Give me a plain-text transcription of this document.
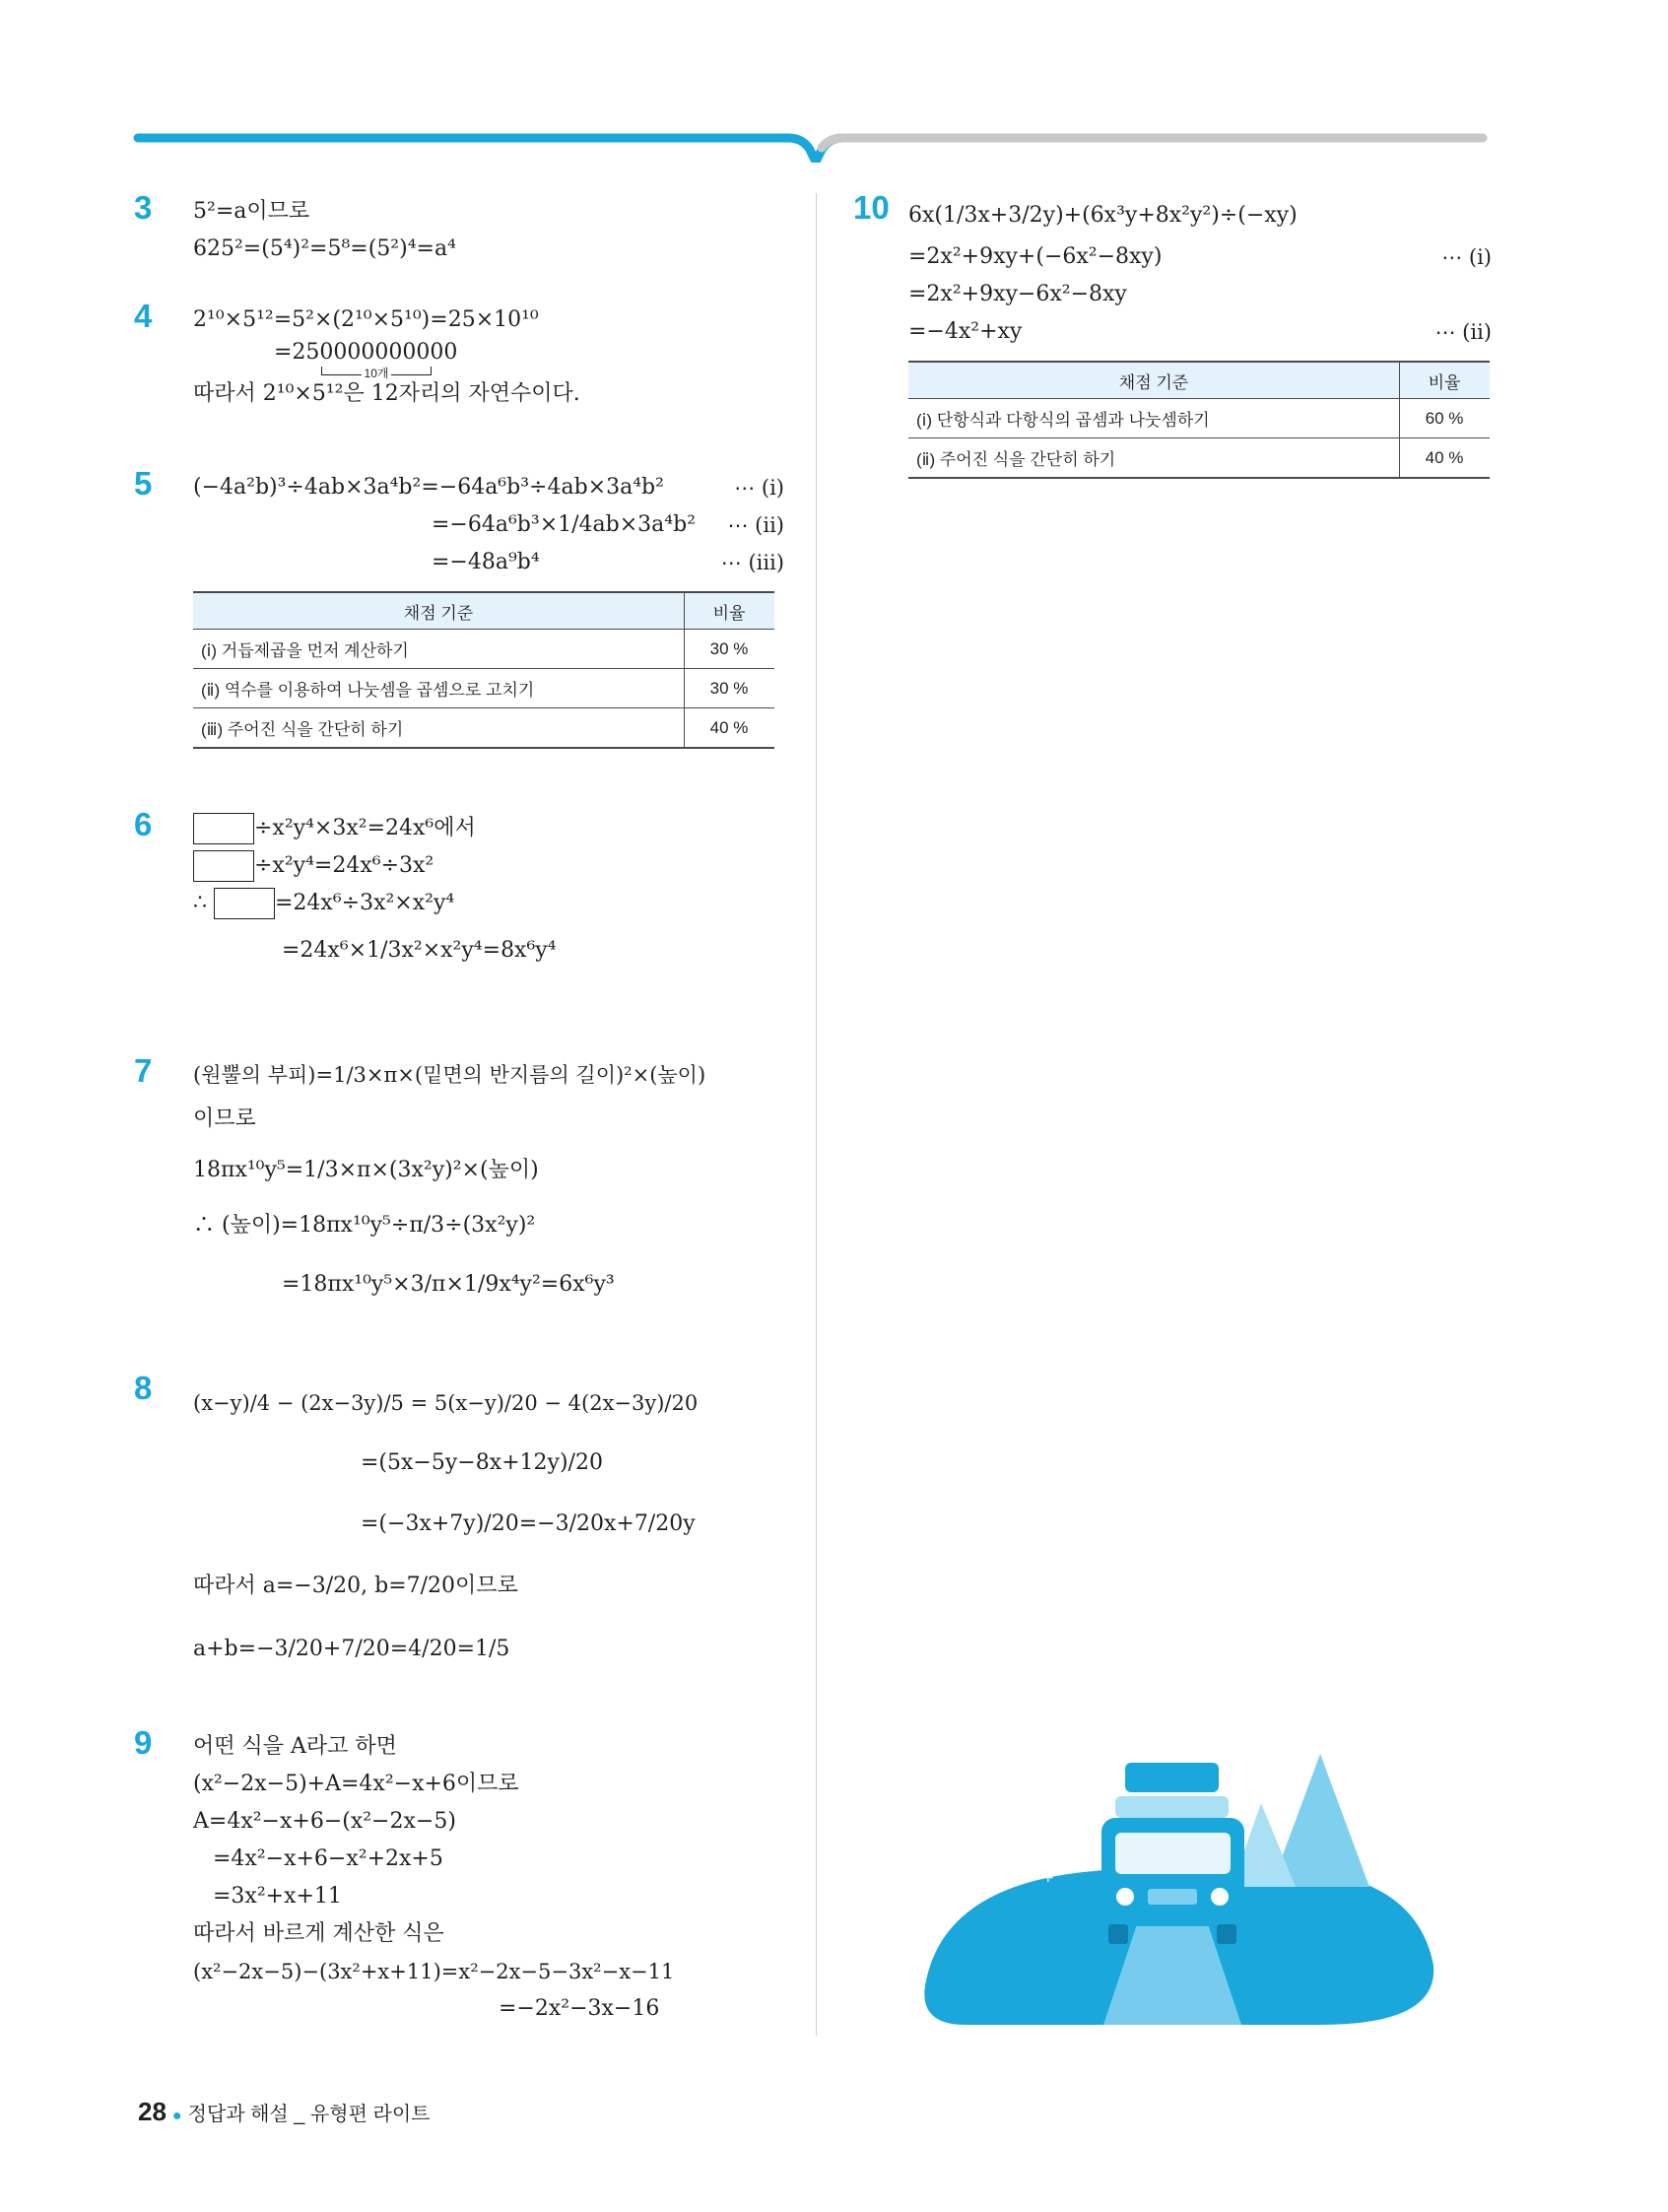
3 5²=a이므로
625²=(5⁴)²=5⁸=(5²)⁴=a⁴
4 2¹⁰×5¹²=5²×(2¹⁰×5¹⁰)=25×10¹⁰
=250000000000
10개
따라서 2¹⁰×5¹²은 12자리의 자연수이다.
5 (−4a²b)³÷4ab×3a⁴b²=−64a⁶b³÷4ab×3a⁴b²	⋯ (ⅰ)
=−64a⁶b³×1/4ab×3a⁴b² ⋯ (ⅱ)
=−48a⁹b⁴	⋯ (ⅲ)
채점 기준	비율
(ⅰ) 거듭제곱을 먼저 계산하기	30 %
(ⅱ) 역수를 이용하여 나눗셈을 곱셈으로 고치기	30 %
(ⅲ) 주어진 식을 간단히 하기	40 %
6	÷x²y⁴×3x²=24x⁶에서
÷x²y⁴=24x⁶÷3x²
∴	=24x⁶÷3x²×x²y⁴
=24x⁶×1/3x²×x²y⁴=8x⁶y⁴
7 (원뿔의 부피)=1/3×π×(밑면의 반지름의 길이)²×(높이)
이므로
18πx¹⁰y⁵=1/3×π×(3x²y)²×(높이)
∴ (높이)=18πx¹⁰y⁵÷π/3÷(3x²y)²
=18πx¹⁰y⁵×3/π×1/9x⁴y²=6x⁶y³
8 (x−y)/4 − (2x−3y)/5 = 5(x−y)/20 − 4(2x−3y)/20
=(5x−5y−8x+12y)/20
=(−3x+7y)/20=−3/20x+7/20y
따라서 a=−3/20, b=7/20이므로
a+b=−3/20+7/20=4/20=1/5
9 어떤 식을 A라고 하면
(x²−2x−5)+A=4x²−x+6이므로
A=4x²−x+6−(x²−2x−5)
=4x²−x+6−x²+2x+5
=3x²+x+11
따라서 바르게 계산한 식은
(x²−2x−5)−(3x²+x+11)=x²−2x−5−3x²−x−11
=−2x²−3x−16
10 6x(1/3x+3/2y)+(6x³y+8x²y²)÷(−xy)
=2x²+9xy+(−6x²−8xy)	⋯ (ⅰ)
=2x²+9xy−6x²−8xy
=−4x²+xy	⋯ (ⅱ)
채점 기준	비율
(ⅰ) 단항식과 다항식의 곱셈과 나눗셈하기	60 %
(ⅱ) 주어진 식을 간단히 하기	40 %
+ +
+
28 ● 정답과 해설 _ 유형편 라이트
